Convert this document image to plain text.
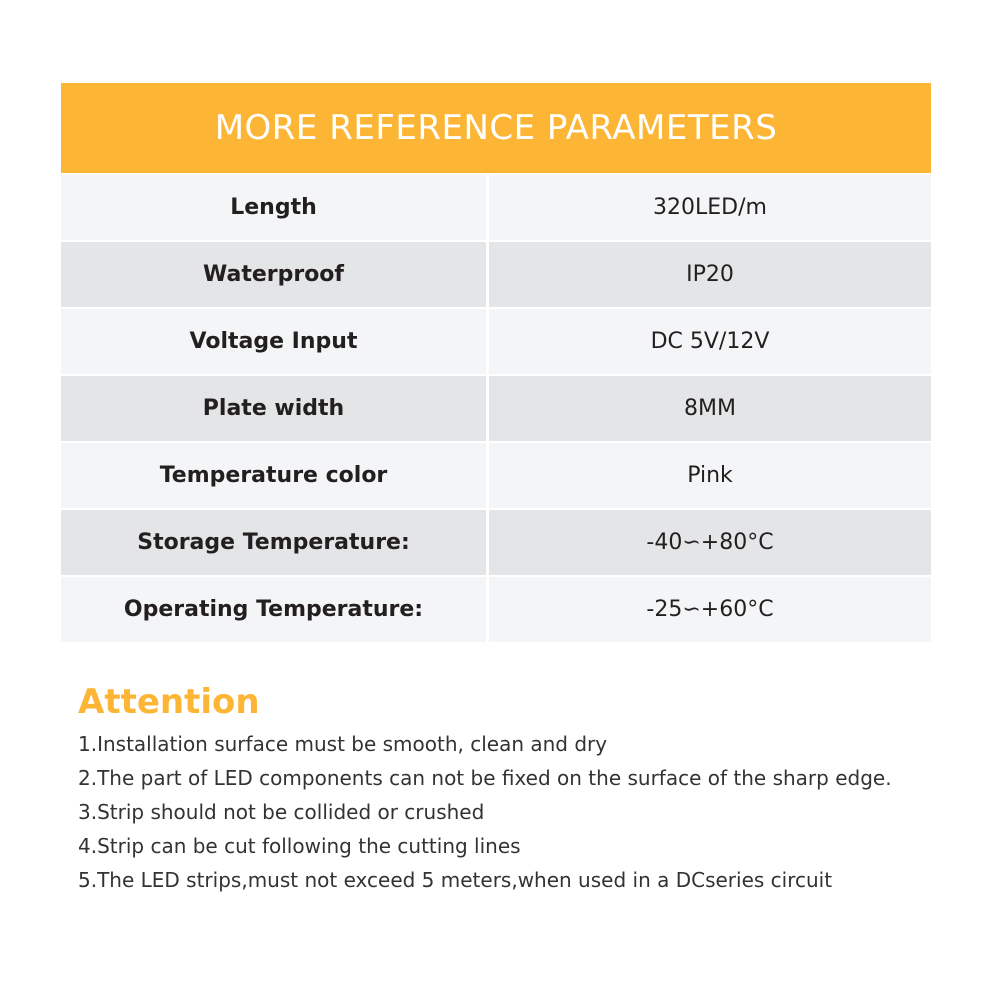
MORE REFERENCE PARAMETERS
Length	320LED/m
Waterproof	IP20
Voltage Input	DC 5V/12V
Plate width	8MM
Temperature color	Pink
Storage Temperature:	-40∽+80°C
Operating Temperature:	-25∽+60°C
Attention
1.Installation surface must be smooth, clean and dry
2.The part of LED components can not be fixed on the surface of the sharp edge.
3.Strip should not be collided or crushed
4.Strip can be cut following the cutting lines
5.The LED strips,must not exceed 5 meters,when used in a DCseries circuit
